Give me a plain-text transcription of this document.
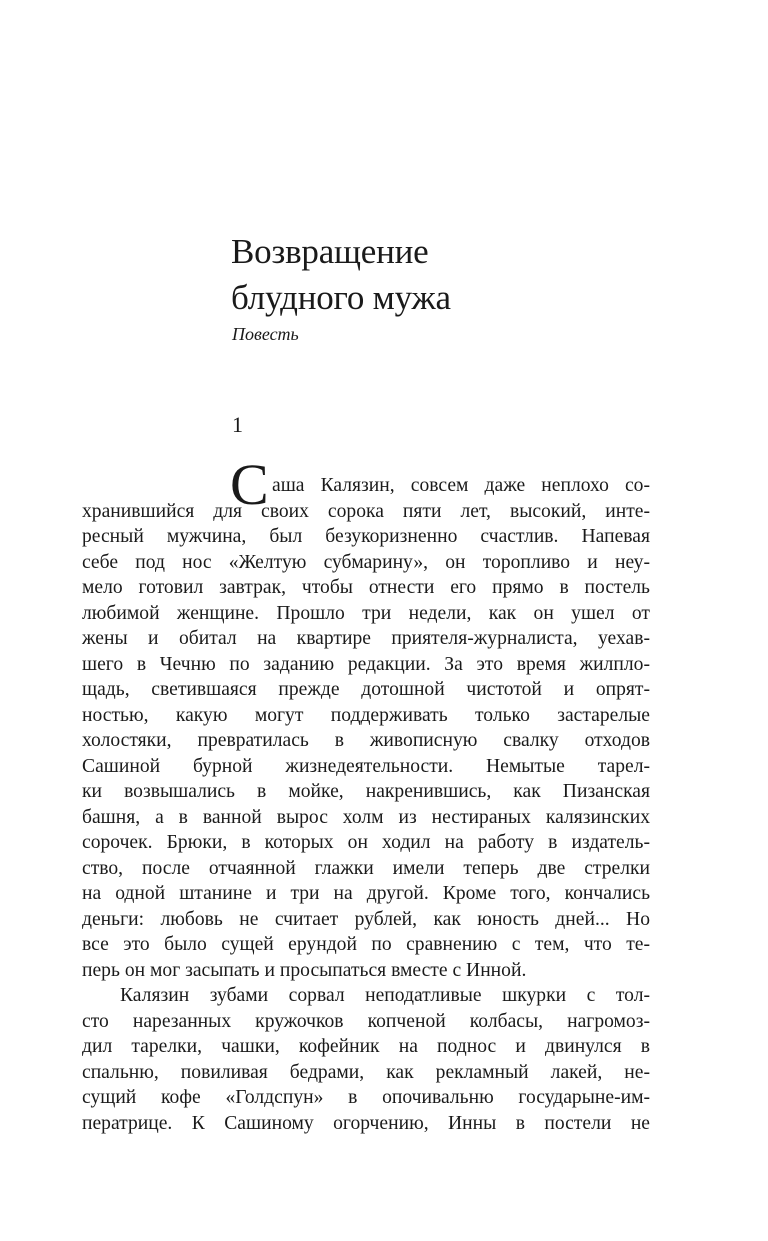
Возвращение
блудного мужа

Повесть

1
С аша Калязин, совсем даже неплохо со-
хранившийся для своих сорока пяти лет, высокий, инте-
ресный мужчина, был безукоризненно счастлив. Напевая
себе под нос «Желтую субмарину», он торопливо и неу-
мело готовил завтрак, чтобы отнести его прямо в постель
любимой женщине. Прошло три недели, как он ушел от
жены и обитал на квартире приятеля-журналиста, уехав-
шего в Чечню по заданию редакции. За это время жилпло-
щадь, светившаяся прежде дотошной чистотой и опрят-
ностью, какую могут поддерживать только застарелые
холостяки, превратилась в живописную свалку отходов
Сашиной бурной жизнедеятельности. Немытые тарел-
ки возвышались в мойке, накренившись, как Пизанская
башня, а в ванной вырос холм из нестираных калязинских
сорочек. Брюки, в которых он ходил на работу в издатель-
ство, после отчаянной глажки имели теперь две стрелки
на одной штанине и три на другой. Кроме того, кончались
деньги: любовь не считает рублей, как юность дней... Но
все это было сущей ерундой по сравнению с тем, что те-
перь он мог засыпать и просыпаться вместе с Инной.
Калязин зубами сорвал неподатливые шкурки с тол-
сто нарезанных кружочков копченой колбасы, нагромоз-
дил тарелки, чашки, кофейник на поднос и двинулся в
спальню, повиливая бедрами, как рекламный лакей, не-
сущий кофе «Голдспун» в опочивальню государыне-им-
ператрице. К Сашиному огорчению, Инны в постели не
